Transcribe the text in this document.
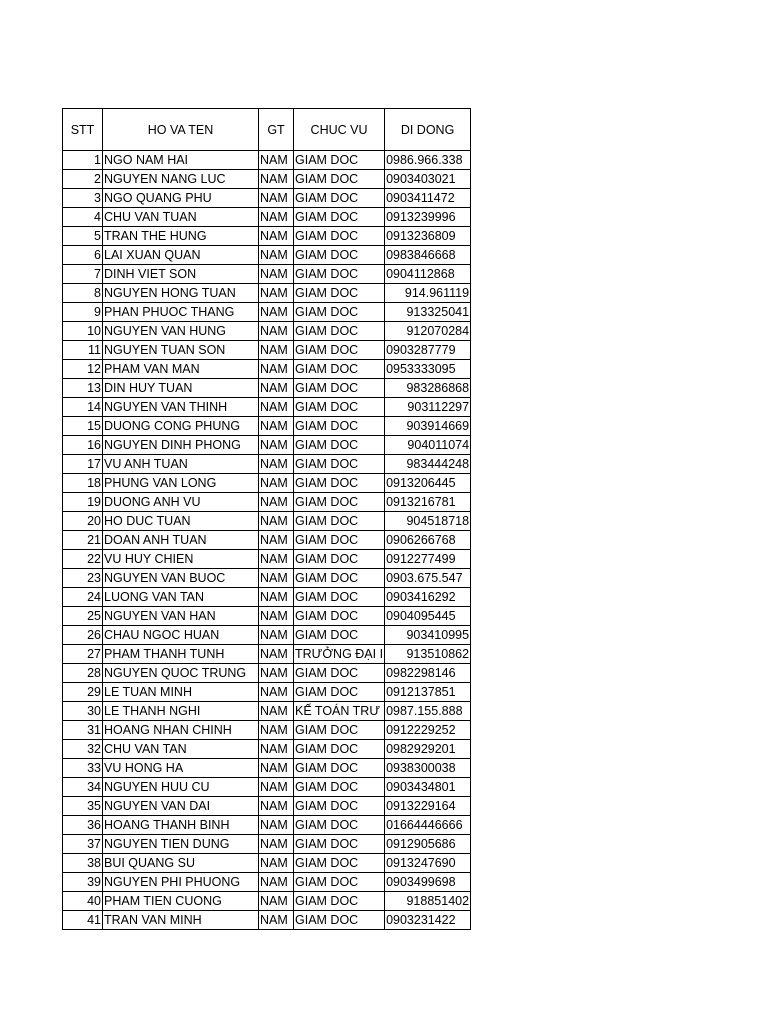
STT	HO VA TEN	GT	CHUC VU	DI DONG
1	NGO NAM HAI	NAM	GIAM DOC	0986.966.338
2	NGUYEN NANG LUC	NAM	GIAM DOC	0903403021
3	NGO QUANG PHU	NAM	GIAM DOC	0903411472
4	CHU VAN TUAN	NAM	GIAM DOC	0913239996
5	TRAN THE HUNG	NAM	GIAM DOC	0913236809
6	LAI XUAN QUAN	NAM	GIAM DOC	0983846668
7	DINH VIET SON	NAM	GIAM DOC	0904112868
8	NGUYEN HONG TUAN	NAM	GIAM DOC	914.961119
9	PHAN PHUOC THANG	NAM	GIAM DOC	913325041
10	NGUYEN VAN HUNG	NAM	GIAM DOC	912070284
11	NGUYEN TUAN SON	NAM	GIAM DOC	0903287779
12	PHAM VAN MAN	NAM	GIAM DOC	0953333095
13	DIN HUY TUAN	NAM	GIAM DOC	983286868
14	NGUYEN VAN THINH	NAM	GIAM DOC	903112297
15	DUONG CONG PHUNG	NAM	GIAM DOC	903914669
16	NGUYEN DINH PHONG	NAM	GIAM DOC	904011074
17	VU ANH TUAN	NAM	GIAM DOC	983444248
18	PHUNG VAN LONG	NAM	GIAM DOC	0913206445
19	DUONG ANH VU	NAM	GIAM DOC	0913216781
20	HO DUC TUAN	NAM	GIAM DOC	904518718
21	DOAN ANH TUAN	NAM	GIAM DOC	0906266768
22	VU HUY CHIEN	NAM	GIAM DOC	0912277499
23	NGUYEN VAN BUOC	NAM	GIAM DOC	0903.675.547
24	LUONG VAN TAN	NAM	GIAM DOC	0903416292
25	NGUYEN VAN HAN	NAM	GIAM DOC	0904095445
26	CHAU NGOC HUAN	NAM	GIAM DOC	903410995
27	PHAM THANH TUNH	NAM	TRƯỞNG ĐẠI I	913510862
28	NGUYEN QUOC TRUNG	NAM	GIAM DOC	0982298146
29	LE TUAN MINH	NAM	GIAM DOC	0912137851
30	LE THANH NGHI	NAM	KẾ TOÁN TRƯ	0987.155.888
31	HOANG NHAN CHINH	NAM	GIAM DOC	0912229252
32	CHU VAN TAN	NAM	GIAM DOC	0982929201
33	VU HONG HA	NAM	GIAM DOC	0938300038
34	NGUYEN HUU CU	NAM	GIAM DOC	0903434801
35	NGUYEN VAN DAI	NAM	GIAM DOC	0913229164
36	HOANG THANH BINH	NAM	GIAM DOC	01664446666
37	NGUYEN TIEN DUNG	NAM	GIAM DOC	0912905686
38	BUI QUANG SU	NAM	GIAM DOC	0913247690
39	NGUYEN PHI PHUONG	NAM	GIAM DOC	0903499698
40	PHAM TIEN CUONG	NAM	GIAM DOC	918851402
41	TRAN VAN MINH	NAM	GIAM DOC	0903231422
